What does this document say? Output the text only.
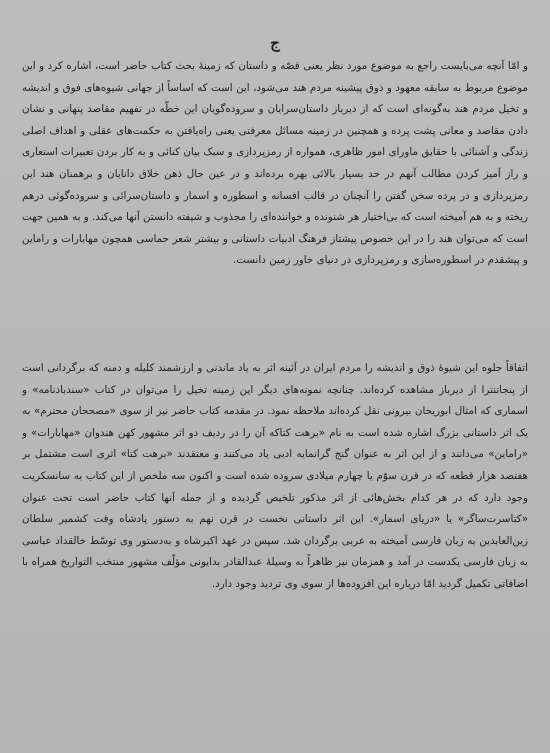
ج

و امّا آنچه می‌بایست راجع به موضوع مورد نظر یعنی قصّه و داستان که زمینهٔ بحث کتاب حاضر است، اشاره کرد و این موضوع مربوط به سابقه معهود و ذوق پیشینه مردم هند می‌شود، این است که اساساً از جهانی شیوه‌های فوق و اندیشه و تخیل مردم هند به‌گونه‌ای است که از دیرباز داستان‌سرایان و سروده‌گویان این خطّه در تفهیم مقاصد پنهانی و نشان دادن مقاصد و معانی پشت پرده و همچنین در زمینه مسائل معرفتی یعنی راه‌یافتن به حکمت‌های عقلی و اهداف اصلی زندگی و آشنائی با حقایق ماورای امور ظاهری، همواره از رمزپردازی و سبک بیان کنائی و به کار بردن تعبیرات استعاری و راز آمیز کردن مطالب آنهم در حد بسیار بالائی بهره برده‌اند و در عین حال ذهن خلاق دانایان و برهمنان هند این رمزپردازی و در پرده سخن گفتن را آنچنان در قالب افسانه و اسطوره و اسمار و داستان‌سرائی و سروده‌گوئی درهم ریخته و به هم آمیخته است که بی‌اختیار هر شنونده و خواننده‌ای را مجذوب و شیفته دانستن آنها می‌کند. و به همین جهت است که می‌توان هند را در این خصوص پیشتاز فرهنگ ادبیات داستانی و بیشتر شعر حماسی همچون مهابارات و راماین و پیشقدم در اسطوره‌سازی و رمزپردازی در دنیای خاور زمین دانست.

اتفاقاً جلوه این شیوهٔ ذوق و اندیشه را مردم ایران در آئینه اثر به یاد ماندنی و ارزشمند کلیله و دمنه که برگردانی است از پنجاتنترا از دیرباز مشاهده کرده‌اند. چنانچه نمونه‌های دیگر این زمینه تخیل را می‌توان در کتاب «سندبادنامه» و اسماری که امثال ابوریحان بیرونی نقل کرده‌اند ملاحظه نمود. در مقدمه کتاب حاضر نیز از سوی «مصححان محترم» به یک اثر داستانی بزرگ اشاره شده است به نام «برهت کتاکه آن را در ردیف دو اثر مشهور کهن هندوان «مهابارات» و «راماین» می‌دانند و از این اثر به عنوان گنج گرانمایه ادبی یاد می‌کنند و معتقدند «برهت کتا» اثری است مشتمل بر هفتصد هزار قطعه که در قرن سوّم یا چهارم میلادی سروده شده است و اکنون سه ملخص از این کتاب به سانسکریت وجود دارد که در هر کدام بخش‌هائی از اثر مذکور تلخیص گردیده و از جمله آنها کتاب حاضر است تحت عنوان «کتاسرت‌ساگر» یا «دریای اسمار». این اثر داستانی نخست در قرن نهم به دستور پادشاه وقت کشمیر سلطان زین‌العابدین به زبان فارسی آمیخته به عربی برگردان شد. سپس در عهد اکبرشاه و به‌دستور وی توسّط خالقداد عباسی به زبان فارسی یکدست در آمد و همزمان نیز ظاهراً به وسیلهٔ عبدالقادر بدایونی مؤلّف مشهور منتخب التواریخ همراه با اضافاتی تکمیل گردید امّا درباره این افزوده‌ها از سوی وی تردید وجود دارد.
